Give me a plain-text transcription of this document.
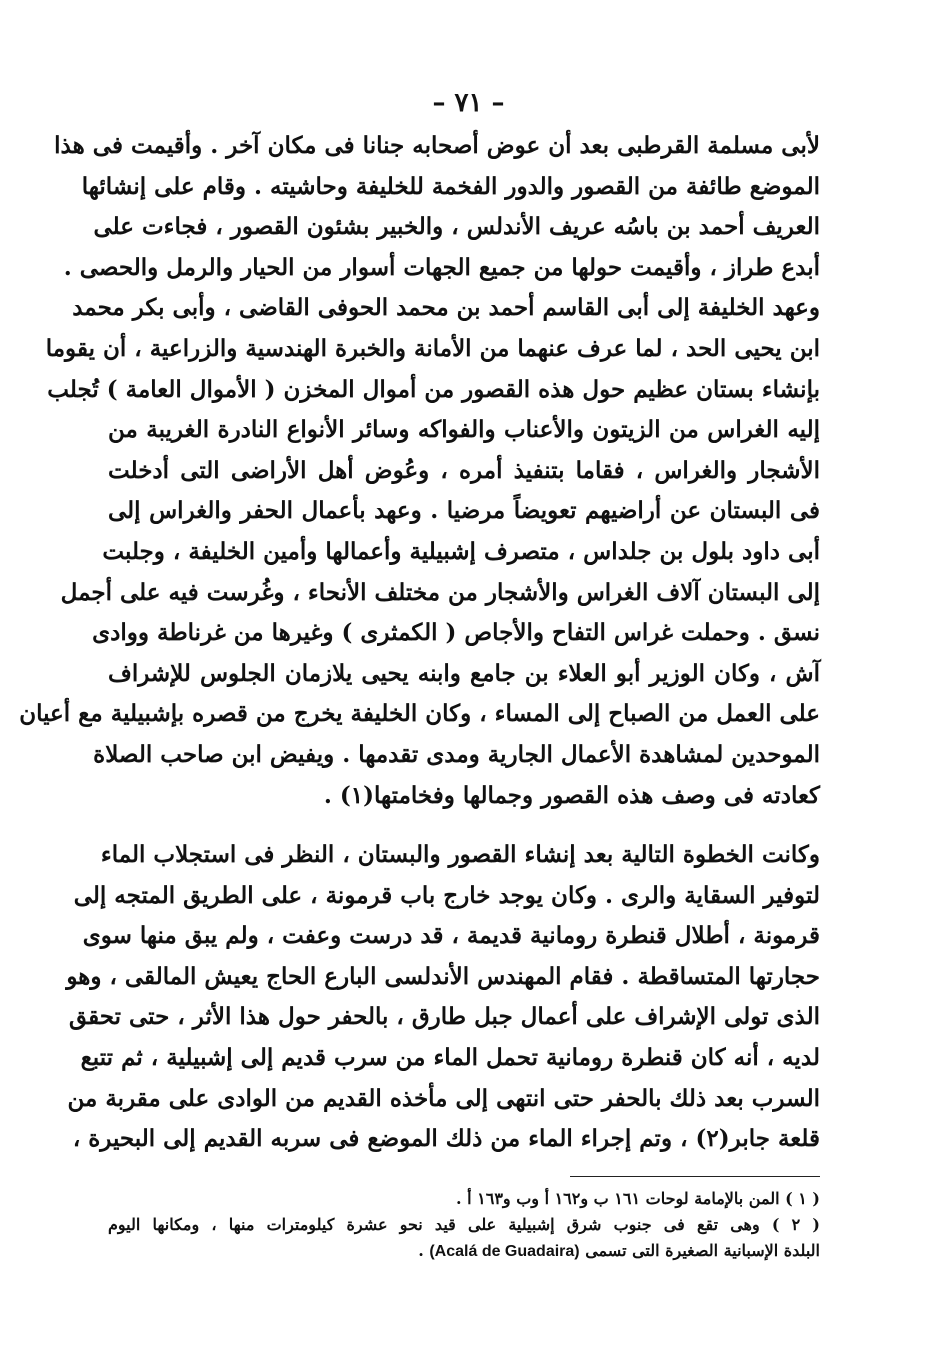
– ٧١ –
لأبى مسلمة القرطبى بعد أن عوض أصحابه جنانا فى مكان آخر . وأقيمت فى هذا
الموضع طائفة من القصور والدور الفخمة للخليفة وحاشيته . وقام على إنشائها
العريف أحمد بن باسُه عريف الأندلس ، والخبير بشئون القصور ، فجاءت على
أبدع طراز ، وأقيمت حولها من جميع الجهات أسوار من الحيار والرمل والحصى .
وعهد الخليفة إلى أبى القاسم أحمد بن محمد الحوفى القاضى ، وأبى بكر محمد
ابن يحيى الحد ، لما عرف عنهما من الأمانة والخبرة الهندسية والزراعية ، أن يقوما
بإنشاء بستان عظيم حول هذه القصور من أموال المخزن ( الأموال العامة ) تُجلب
إليه الغراس من الزيتون والأعناب والفواكه وسائر الأنواع النادرة الغريبة من
الأشجار والغراس ، فقاما بتنفيذ أمره ، وعُوض أهل الأراضى التى أدخلت
فى البستان عن أراضيهم تعويضاً مرضيا . وعهد بأعمال الحفر والغراس إلى
أبى داود بلول بن جلداس ، متصرف إشبيلية وأعمالها وأمين الخليفة ، وجلبت
إلى البستان آلاف الغراس والأشجار من مختلف الأنحاء ، وغُرست فيه على أجمل
نسق . وحملت غراس التفاح والأجاص ( الكمثرى ) وغيرها من غرناطة ووادى
آش ، وكان الوزير أبو العلاء بن جامع وابنه يحيى يلازمان الجلوس للإشراف
على العمل من الصباح إلى المساء ، وكان الخليفة يخرج من قصره بإشبيلية مع أعيان
الموحدين لمشاهدة الأعمال الجارية ومدى تقدمها . ويفيض ابن صاحب الصلاة
كعادته فى وصف هذه القصور وجمالها وفخامتها(١) .
وكانت الخطوة التالية بعد إنشاء القصور والبستان ، النظر فى استجلاب الماء
لتوفير السقاية والرى . وكان يوجد خارج باب قرمونة ، على الطريق المتجه إلى
قرمونة ، أطلال قنطرة رومانية قديمة ، قد درست وعفت ، ولم يبق منها سوى
حجارتها المتساقطة . فقام المهندس الأندلسى البارع الحاج يعيش المالقى ، وهو
الذى تولى الإشراف على أعمال جبل طارق ، بالحفر حول هذا الأثر ، حتى تحقق
لديه ، أنه كان قنطرة رومانية تحمل الماء من سرب قديم إلى إشبيلية ، ثم تتبع
السرب بعد ذلك بالحفر حتى انتهى إلى مأخذه القديم من الوادى على مقربة من
قلعة جابر(٢) ، وتم إجراء الماء من ذلك الموضع فى سربه القديم إلى البحيرة ،
( ١ ) المن بالإمامة لوحات ١٦١ ب و١٦٢ أ وب و١٦٣ أ .
( ٢ ) وهى تقع فى جنوب شرق إشبيلية على قيد نحو عشرة كيلومترات منها ، ومكانها اليوم
البلدة الإسبانية الصغيرة التى تسمى (Acalá de Guadaira) .
